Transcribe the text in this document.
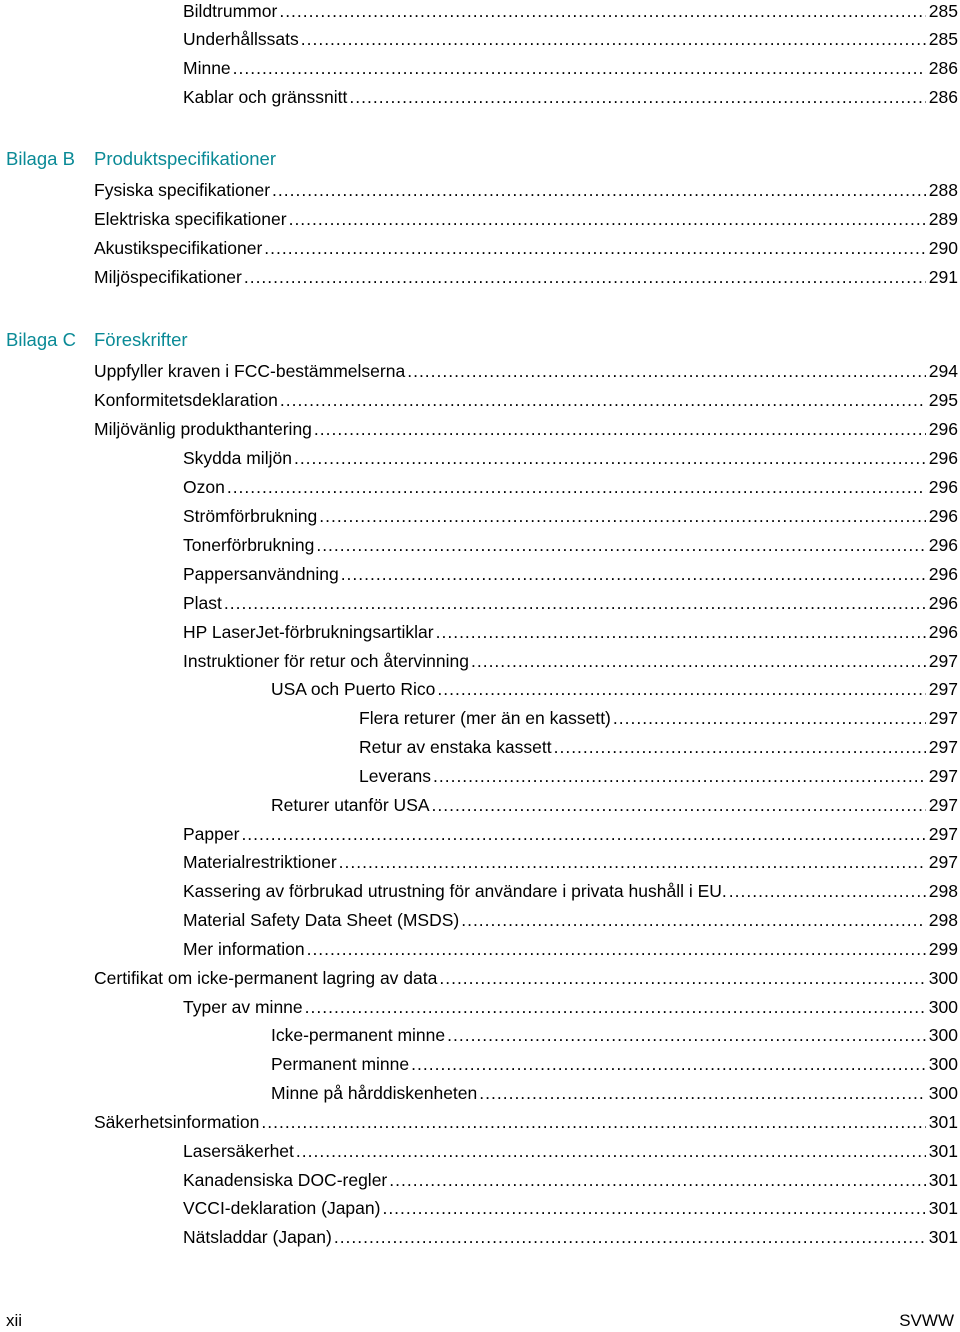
Bildtrummor .....	285
Underhållssats .....	285
Minne .....	286
Kablar och gränssnitt .....	286
Bilaga B Produktspecifikationer
Fysiska specifikationer .....	288
Elektriska specifikationer .....	289
Akustikspecifikationer .....	290
Miljöspecifikationer .....	291
Bilaga C Föreskrifter
Uppfyller kraven i FCC-bestämmelserna .....	294
Konformitetsdeklaration .....	295
Miljövänlig produkthantering .....	296
Skydda miljön .....	296
Ozon .....	296
Strömförbrukning .....	296
Tonerförbrukning .....	296
Pappersanvändning .....	296
Plast .....	296
HP LaserJet-förbrukningsartiklar .....	296
Instruktioner för retur och återvinning .....	297
USA och Puerto Rico .....	297
Flera returer (mer än en kassett) .....	297
Retur av enstaka kassett .....	297
Leverans .....	297
Returer utanför USA .....	297
Papper .....	297
Materialrestriktioner .....	297
Kassering av förbrukad utrustning för användare i privata hushåll i EU. .....	298
Material Safety Data Sheet (MSDS) .....	298
Mer information .....	299
Certifikat om icke-permanent lagring av data .....	300
Typer av minne .....	300
Icke-permanent minne .....	300
Permanent minne .....	300
Minne på hårddiskenheten .....	300
Säkerhetsinformation .....	301
Lasersäkerhet .....	301
Kanadensiska DOC-regler .....	301
VCCI-deklaration (Japan) .....	301
Nätsladdar (Japan) .....	301
xii	SVWW
